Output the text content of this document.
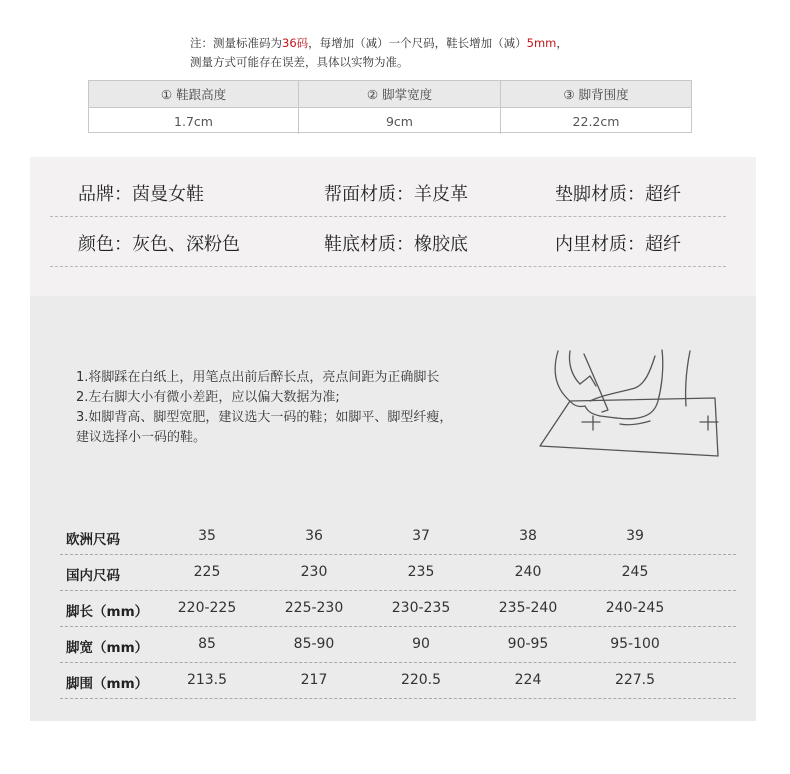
注：测量标准码为36码，每增加（减）一个尺码，鞋长增加（减）5mm，
测量方式可能存在误差，具体以实物为准。
① 鞋跟高度	② 脚掌宽度	③ 脚背围度
1.7cm	9cm	22.2cm
品牌：茵曼女鞋	帮面材质：羊皮革	垫脚材质：超纤
颜色：灰色、深粉色	鞋底材质：橡胶底	内里材质：超纤
1.将脚踩在白纸上，用笔点出前后醉长点，亮点间距为正确脚长
2.左右脚大小有微小差距，应以偏大数据为准;
3.如脚背高、脚型宽肥，建议选大一码的鞋；如脚平、脚型纤瘦，
建议选择小一码的鞋。
欧洲尺码	35	36	37	38	39
国内尺码	225	230	235	240	245
脚长（mm）	220-225	225-230	230-235	235-240	240-245
脚宽（mm）	85	85-90	90	90-95	95-100
脚围（mm）	213.5	217	220.5	224	227.5
